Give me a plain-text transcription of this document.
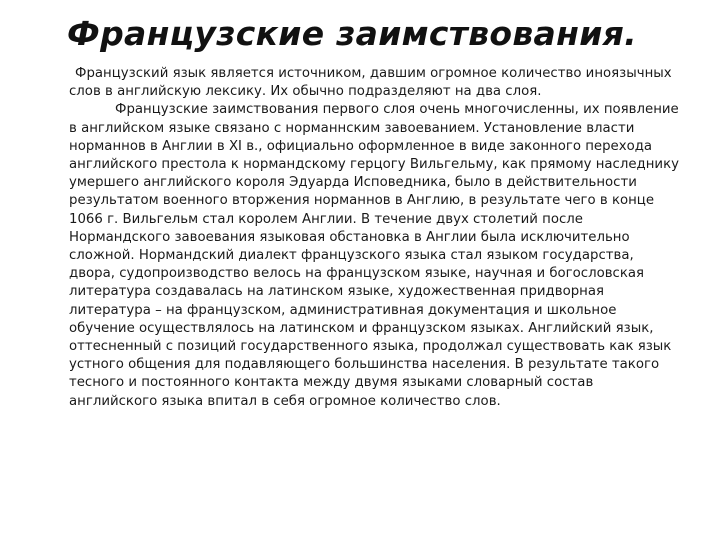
Французские заимствования.

Французский язык является источником, давшим огромное количество иноязычных слов в английскую лексику. Их обычно подразделяют на два слоя.

Французские заимствования первого слоя очень многочисленны, их появление в английском языке связано с норманнским завоеванием. Установление власти норманнов в Англии в XI в., официально оформленное в виде законного перехода английского престола к нормандскому герцогу Вильгельму, как прямому наследнику умершего английского короля Эдуарда Исповедника, было в действительности результатом военного вторжения норманнов в Англию, в результате чего в конце 1066 г. Вильгельм стал королем Англии. В течение двух столетий после Нормандского завоевания языковая обстановка в Англии была исключительно сложной. Нормандский диалект французского языка стал языком государства, двора, судопроизводство велось на французском языке, научная и богословская литература создавалась на латинском языке, художественная придворная литература – на французском, административная документация и школьное обучение осуществлялось на латинском и французском языках. Английский язык, оттесненный с позиций государственного языка, продолжал существовать как язык устного общения для подавляющего большинства населения. В результате такого тесного и постоянного контакта между двумя языками словарный состав английского языка впитал в себя огромное количество слов.
